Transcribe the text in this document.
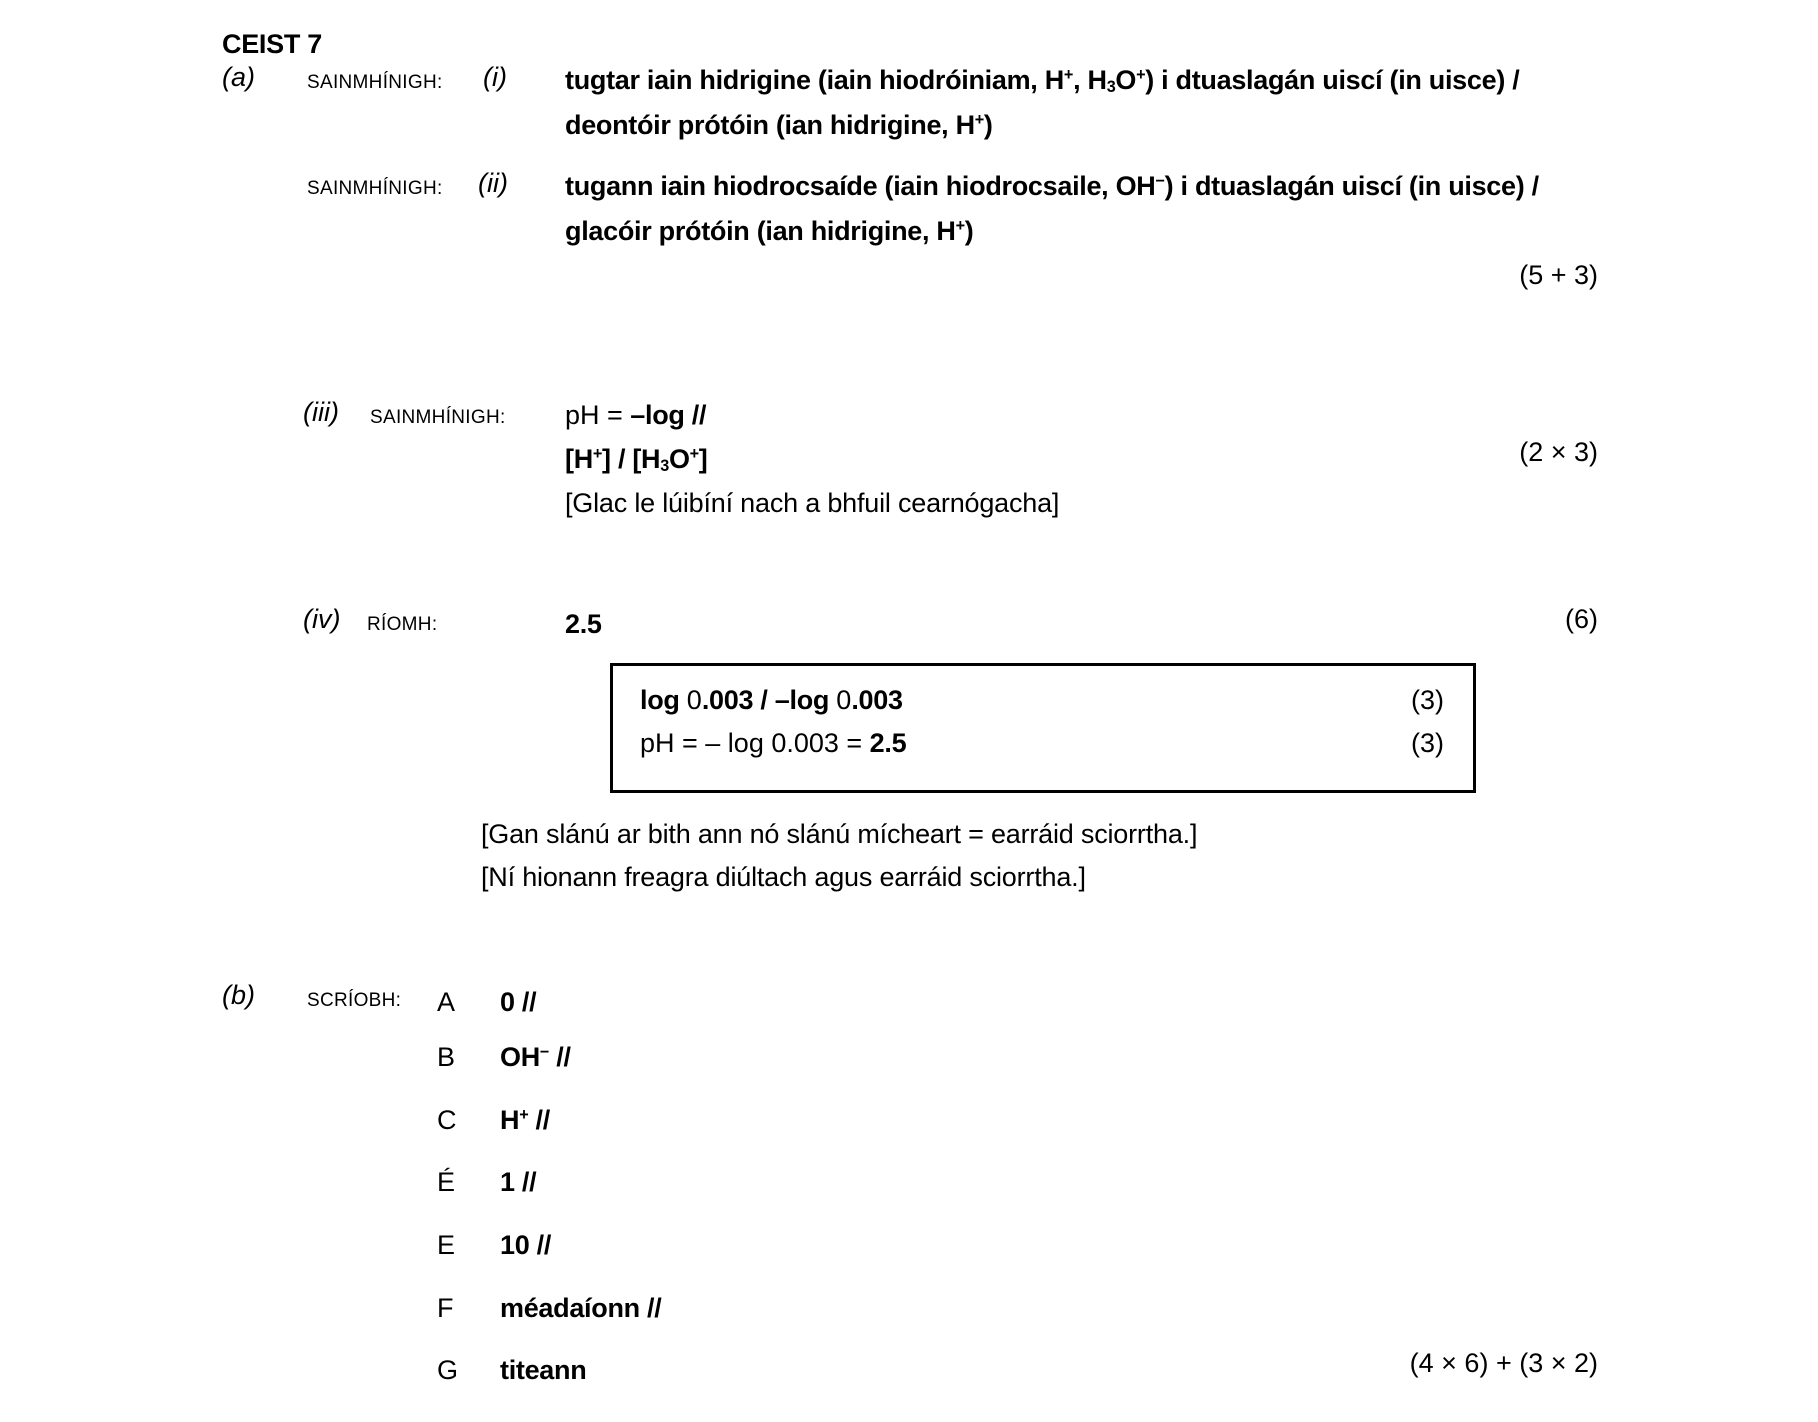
CEIST 7
(a)	SAINMHÍNIGH: (i) tugtar iain hidrigine (iain hiodróiniam, H+, $H_3O^+$) i dtuaslagán uiscí (in uisce) /
deontóir prótóin (ian hidrigine, H+)
SAINMHÍNIGH: (ii) tugann iain hiodrocsaíde (iain hiodrocsaile, OH−) i dtuaslagán uiscí (in uisce) /
glacóir prótóin (ian hidrigine, H+)
(5 + 3)
(iii) SAINMHÍNIGH: pH = –log //
$[H^+] / [H_3O^+]$	(2 × 3)
[Glac le lúibíní nach a bhfuil cearnógacha]
(iv) RÍOMH:	2.5	(6)
log 0.003 / –log 0.003	(3)
pH = – log 0.003 = 2.5	(3)
[Gan slánú ar bith ann nó slánú mícheart = earráid sciorrtha.]
[Ní hionann freagra diúltach agus earráid sciorrtha.]
(b)	SCRÍOBH: A 0 //
B OH− //
C H+ //
É 1 //
E 10 //
F méadaíonn //
G titeann	(4 × 6) + (3 × 2)
